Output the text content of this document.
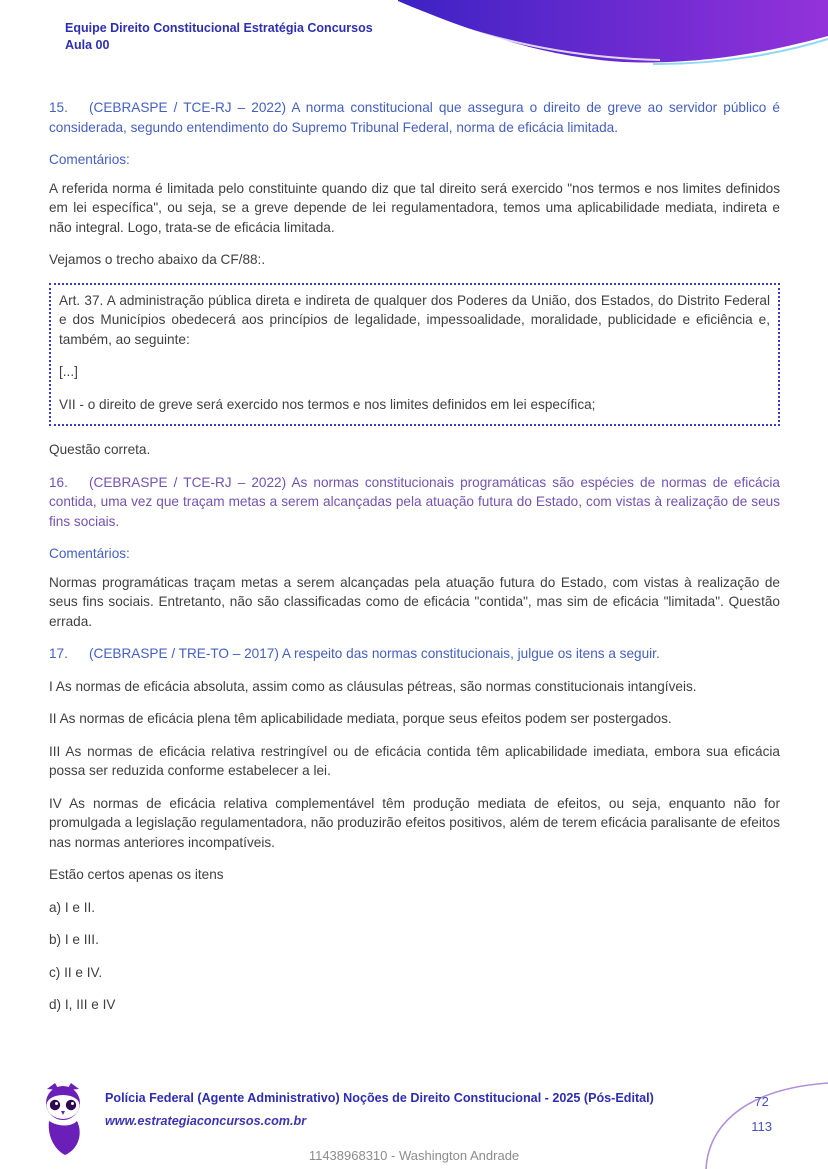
Equipe Direito Constitucional Estratégia Concursos
Aula 00

15. (CEBRASPE / TCE-RJ – 2022) A norma constitucional que assegura o direito de greve ao servidor público é considerada, segundo entendimento do Supremo Tribunal Federal, norma de eficácia limitada.

Comentários:

A referida norma é limitada pelo constituinte quando diz que tal direito será exercido "nos termos e nos limites definidos em lei específica", ou seja, se a greve depende de lei regulamentadora, temos uma aplicabilidade mediata, indireta e não integral. Logo, trata-se de eficácia limitada.

Vejamos o trecho abaixo da CF/88:.

Art. 37. A administração pública direta e indireta de qualquer dos Poderes da União, dos Estados, do Distrito Federal e dos Municípios obedecerá aos princípios de legalidade, impessoalidade, moralidade, publicidade e eficiência e, também, ao seguinte:

[...]

VII - o direito de greve será exercido nos termos e nos limites definidos em lei específica;

Questão correta.

16. (CEBRASPE / TCE-RJ – 2022) As normas constitucionais programáticas são espécies de normas de eficácia contida, uma vez que traçam metas a serem alcançadas pela atuação futura do Estado, com vistas à realização de seus fins sociais.

Comentários:

Normas programáticas traçam metas a serem alcançadas pela atuação futura do Estado, com vistas à realização de seus fins sociais. Entretanto, não são classificadas como de eficácia "contida", mas sim de eficácia "limitada". Questão errada.

17. (CEBRASPE / TRE-TO – 2017) A respeito das normas constitucionais, julgue os itens a seguir.

I As normas de eficácia absoluta, assim como as cláusulas pétreas, são normas constitucionais intangíveis.

II As normas de eficácia plena têm aplicabilidade mediata, porque seus efeitos podem ser postergados.

III As normas de eficácia relativa restringível ou de eficácia contida têm aplicabilidade imediata, embora sua eficácia possa ser reduzida conforme estabelecer a lei.

IV As normas de eficácia relativa complementável têm produção mediata de efeitos, ou seja, enquanto não for promulgada a legislação regulamentadora, não produzirão efeitos positivos, além de terem eficácia paralisante de efeitos nas normas anteriores incompatíveis.

Estão certos apenas os itens

a) I e II.

b) I e III.

c) II e IV.

d) I, III e IV

Polícia Federal (Agente Administrativo) Noções de Direito Constitucional - 2025 (Pós-Edital)
www.estrategiaconcursos.com.br
72
113
11438968310 - Washington Andrade
